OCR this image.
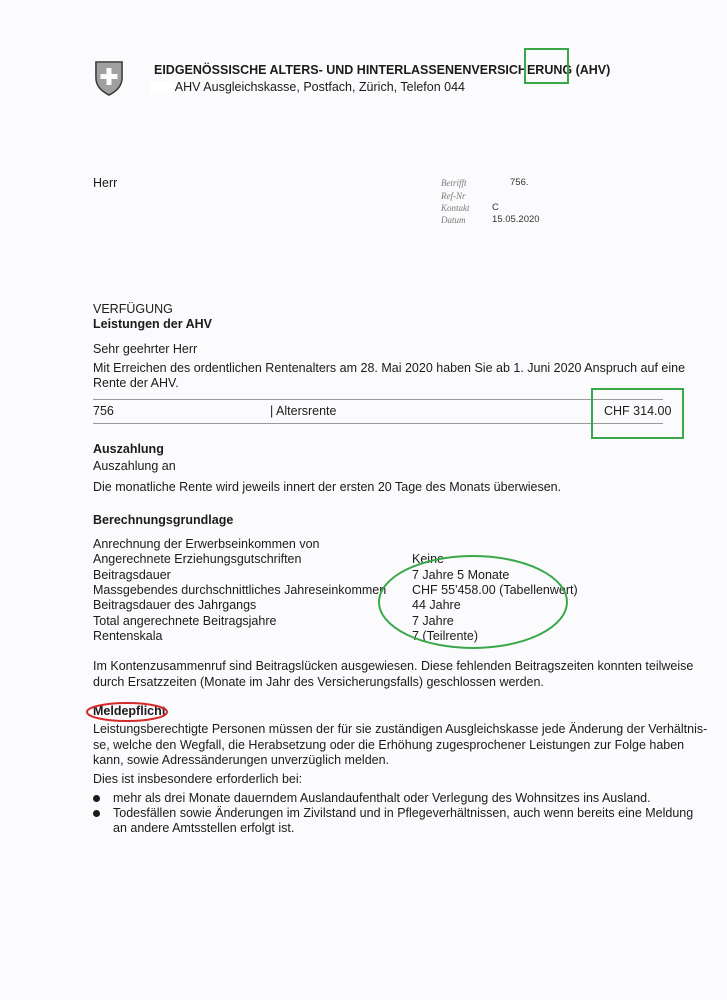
EIDGENÖSSISCHE ALTERS- UND HINTERLASSENENVERSICHERUNG (AHV)
AHV Ausgleichskasse, Postfach, Zürich, Telefon 044
Herr	Betrifft	756.
Ref-Nr
Kontakt C
Datum	15.05.2020
VERFÜGUNG
Leistungen der AHV
Sehr geehrter Herr
Mit Erreichen des ordentlichen Rentenalters am 28. Mai 2020 haben Sie ab 1. Juni 2020 Anspruch auf eine
Rente der AHV.
756	| Altersrente	CHF 314.00
Auszahlung
Auszahlung an
Die monatliche Rente wird jeweils innert der ersten 20 Tage des Monats überwiesen.
Berechnungsgrundlage
Anrechnung der Erwerbseinkommen von
Angerechnete Erziehungsgutschriften	Keine
Beitragsdauer	7 Jahre 5 Monate
Massgebendes durchschnittliches Jahreseinkommen CHF 55'458.00 (Tabellenwert)
Beitragsdauer des Jahrgangs	44 Jahre
Total angerechnete Beitragsjahre	7 Jahre
Rentenskala	7 (Teilrente)
Im Kontenzusammenruf sind Beitragslücken ausgewiesen. Diese fehlenden Beitragszeiten konnten teilweise
durch Ersatzzeiten (Monate im Jahr des Versicherungsfalls) geschlossen werden.
Meldepflicht
Leistungsberechtigte Personen müssen der für sie zuständigen Ausgleichskasse jede Änderung der Verhältnis-
se, welche den Wegfall, die Herabsetzung oder die Erhöhung zugesprochener Leistungen zur Folge haben
kann, sowie Adressänderungen unverzüglich melden.
Dies ist insbesondere erforderlich bei:
mehr als drei Monate dauerndem Auslandaufenthalt oder Verlegung des Wohnsitzes ins Ausland.
Todesfällen sowie Änderungen im Zivilstand und in Pflegeverhältnissen, auch wenn bereits eine Meldung
an andere Amtsstellen erfolgt ist.
